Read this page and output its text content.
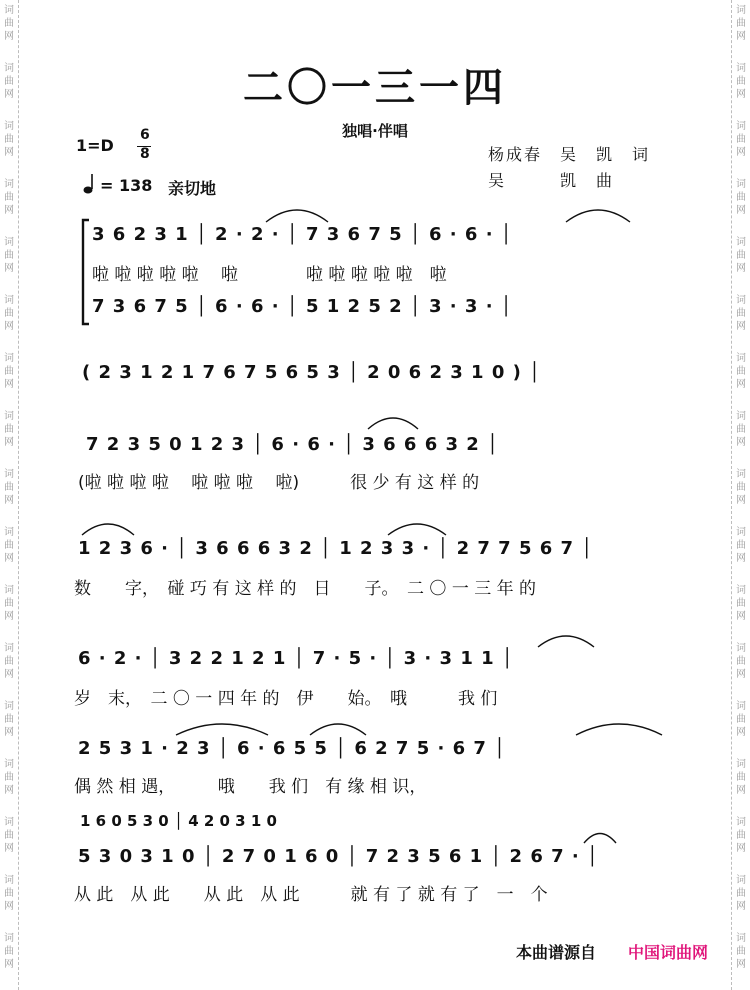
词
曲
网
词
曲
网
词
曲
网
词
曲
网
词
曲
网
词
曲
网
词
曲
网
词
曲
网
词
曲
网
词
曲
网
词
曲
网
词
曲
网
词
曲
网
词
曲
网
词
曲
网
词
曲
网
词
曲
网
词
曲
网
词
曲
网
词
曲
网
词
曲
网
词
曲
网
词
曲
网
词
曲
网
词
曲
网
词
曲
网
词
曲
网
词
曲
网
词
曲
网
词
曲
网
词
曲
网
词
曲
网
词
曲
网
词
曲
网
二〇一三一四
独唱·伴唱
1=D
6
8
= 138 亲切地
杨成春　吴　凯　词
吴　　　凯　曲
3 6 2 3 1 │ 2 · 2 · │ 7 3 6 7 5 │ 6 · 6 · │
啦 啦 啦 啦 啦　 啦　　　　啦 啦 啦 啦 啦　啦
7 3 6 7 5 │ 6 · 6 · │ 5 1 2 5 2 │ 3 · 3 · │
( 2 3 1 2 1 7 6 7 5 6 5 3 │ 2 0 6 2 3 1 0 ) │
7 2 3 5 0 1 2 3 │ 6 · 6 · │ 3 6 6 6 3 2 │
(啦 啦 啦 啦　 啦 啦 啦　 啦)　　　很 少 有 这 样 的
1 2 3 6 · │ 3 6 6 6 3 2 │ 1 2 3 3 · │ 2 7 7 5 6 7 │
数　　字，　碰 巧 有 这 样 的　日　　子。　二 〇 一 三 年 的
6 · 2 · │ 3 2 2 1 2 1 │ 7 · 5 · │ 3 · 3 1 1 │
岁　末，　二 〇 一 四 年 的　伊　　始。　哦　　　我 们
2 5 3 1 · 2 3 │ 6 · 6 5 5 │ 6 2 7 5 · 6 7 │
偶 然 相 遇，　　　哦　　我 们　有 缘 相 识，
1 6 0 5 3 0 │ 4 2 0 3 1 0
5 3 0 3 1 0 │ 2 7 0 1 6 0 │ 7 2 3 5 6 1 │ 2 6 7 · │
从 此　从 此　　从 此　从 此　　　就 有 了 就 有 了　一　个
本曲谱源自 中国词曲网
